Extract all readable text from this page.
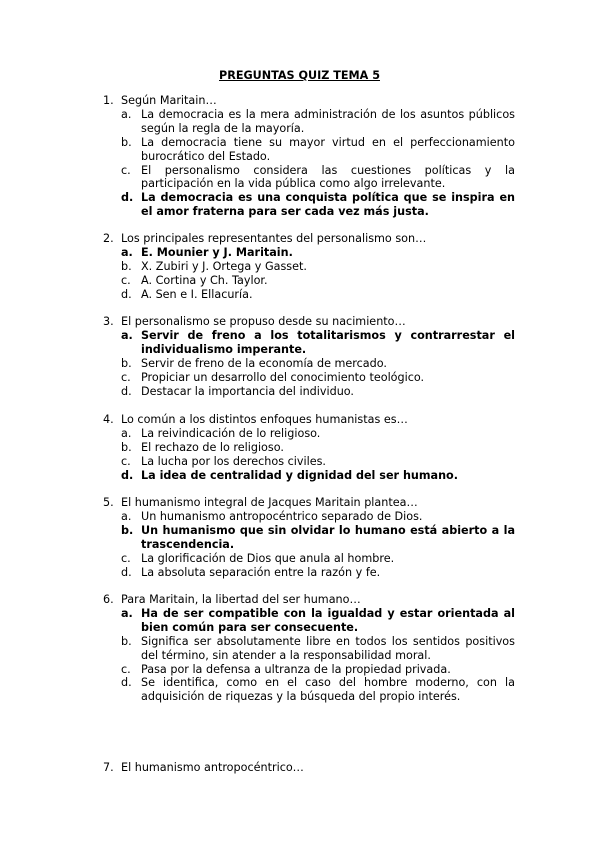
PREGUNTAS QUIZ TEMA 5
1. Según Maritain…
a. La democracia es la mera administración de los asuntos públicos según la regla de la mayoría.
b. La democracia tiene su mayor virtud en el perfeccionamiento burocrático del Estado.
c. El personalismo considera las cuestiones políticas y la participación en la vida pública como algo irrelevante.
d. La democracia es una conquista política que se inspira en el amor fraterna para ser cada vez más justa.
2. Los principales representantes del personalismo son…
a. E. Mounier y J. Maritain.
b. X. Zubiri y J. Ortega y Gasset.
c. A. Cortina y Ch. Taylor.
d. A. Sen e I. Ellacuría.
3. El personalismo se propuso desde su nacimiento…
a. Servir de freno a los totalitarismos y contrarrestar el individualismo imperante.
b. Servir de freno de la economía de mercado.
c. Propiciar un desarrollo del conocimiento teológico.
d. Destacar la importancia del individuo.
4. Lo común a los distintos enfoques humanistas es…
a. La reivindicación de lo religioso.
b. El rechazo de lo religioso.
c. La lucha por los derechos civiles.
d. La idea de centralidad y dignidad del ser humano.
5. El humanismo integral de Jacques Maritain plantea…
a. Un humanismo antropocéntrico separado de Dios.
b. Un humanismo que sin olvidar lo humano está abierto a la trascendencia.
c. La glorificación de Dios que anula al hombre.
d. La absoluta separación entre la razón y fe.
6. Para Maritain, la libertad del ser humano…
a. Ha de ser compatible con la igualdad y estar orientada al bien común para ser consecuente.
b. Significa ser absolutamente libre en todos los sentidos positivos del término, sin atender a la responsabilidad moral.
c. Pasa por la defensa a ultranza de la propiedad privada.
d. Se identifica, como en el caso del hombre moderno, con la adquisición de riquezas y la búsqueda del propio interés.
7. El humanismo antropocéntrico…
